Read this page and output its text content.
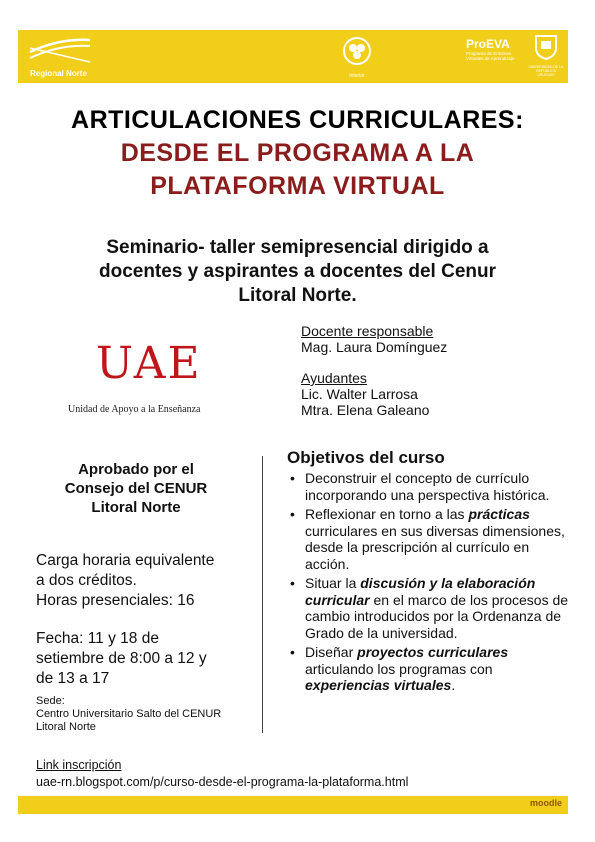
Regional Norte	Interior
ProEVA
Programa de Entornos Virtuales de Aprendizaje
UNIVERSIDAD DE LA REPÚBLICA URUGUAY
ARTICULACIONES CURRICULARES:
DESDE EL PROGRAMA A LA
PLATAFORMA VIRTUAL
Seminario- taller semipresencial dirigido a
docentes y aspirantes a docentes del Cenur
Litoral Norte.
UAE
Unidad de Apoyo a la Enseñanza
Docente responsable
Mag. Laura Domínguez
Ayudantes
Lic. Walter Larrosa
Mtra. Elena Galeano
Aprobado por el
Consejo del CENUR
Litoral Norte
Carga horaria equivalente
a dos créditos.
Horas presenciales: 16
Fecha: 11 y 18 de
setiembre de 8:00 a 12 y
de 13 a 17
Sede:
Centro Universitario Salto del CENUR
Litoral Norte
Objetivos del curso
• Deconstruir el concepto de currículo incorporando una perspectiva histórica.
• Reflexionar en torno a las prácticas curriculares en sus diversas dimensiones, desde la prescripción al currículo en acción.
• Situar la discusión y la elaboración curricular en el marco de los procesos de cambio introducidos por la Ordenanza de Grado de la universidad.
• Diseñar proyectos curriculares articulando los programas con experiencias virtuales.
Link inscripción
uae-rn.blogspot.com/p/curso-desde-el-programa-la-plataforma.html
moodle
